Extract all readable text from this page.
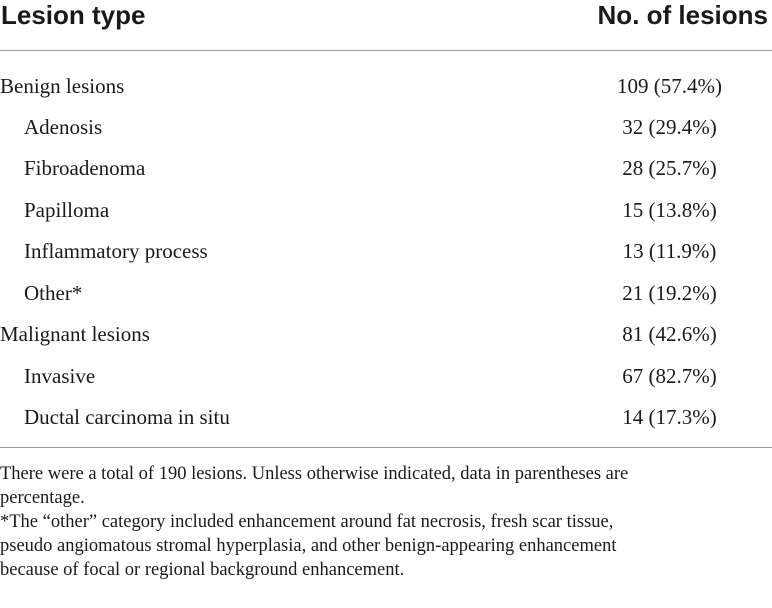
Lesion type	No. of lesions
Benign lesions	109 (57.4%)
Adenosis	32 (29.4%)
Fibroadenoma	28 (25.7%)
Papilloma	15 (13.8%)
Inflammatory process	13 (11.9%)
Other*	21 (19.2%)
Malignant lesions	81 (42.6%)
Invasive	67 (82.7%)
Ductal carcinoma in situ	14 (17.3%)
There were a total of 190 lesions. Unless otherwise indicated, data in parentheses are
percentage.
*The “other” category included enhancement around fat necrosis, fresh scar tissue,
pseudo angiomatous stromal hyperplasia, and other benign-appearing enhancement
because of focal or regional background enhancement.
